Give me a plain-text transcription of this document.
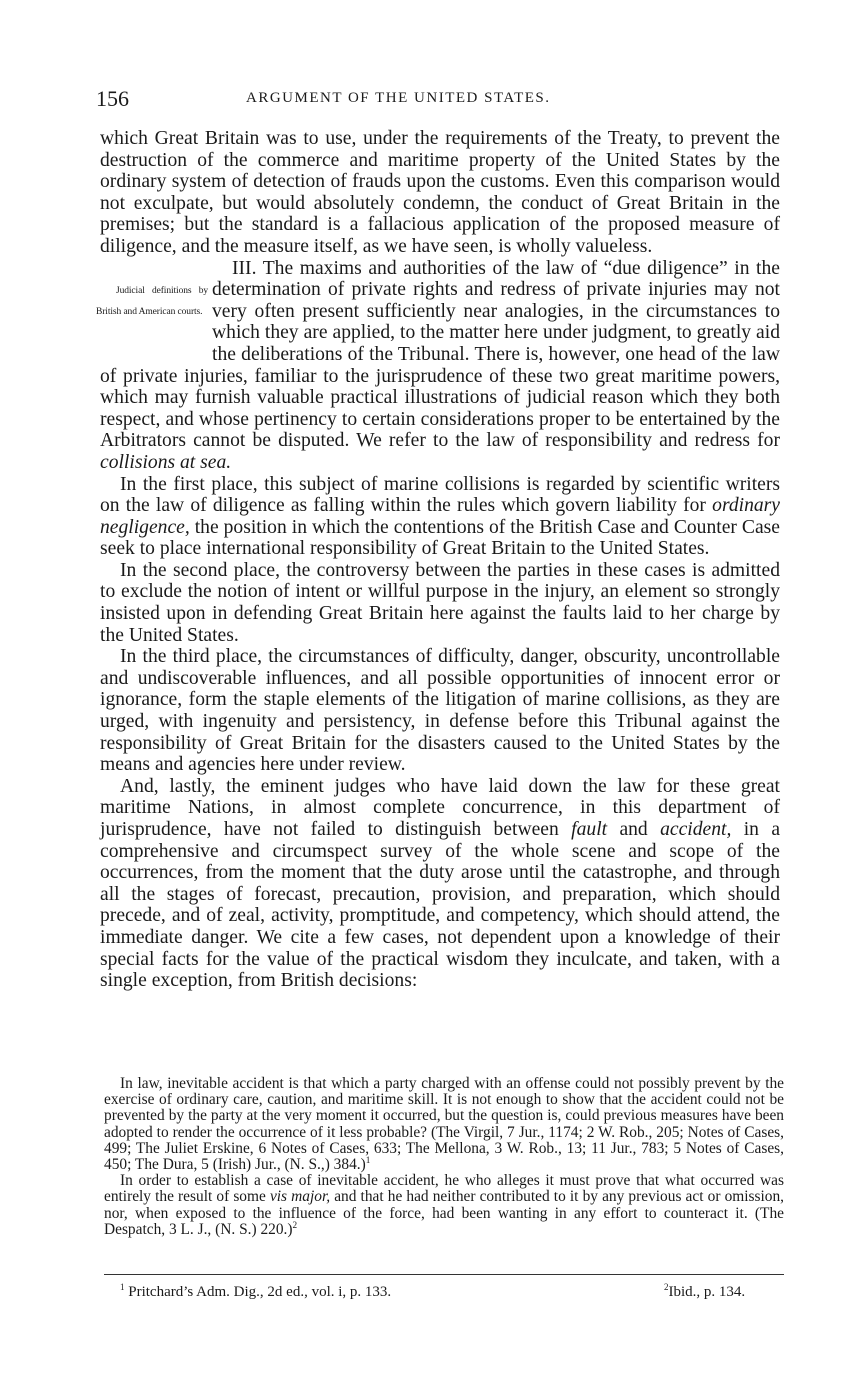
156	ARGUMENT OF THE UNITED STATES.

which Great Britain was to use, under the requirements of the Treaty, to prevent the destruction of the commerce and maritime property of the United States by the ordinary system of detection of frauds upon the customs. Even this comparison would not exculpate, but would absolutely condemn, the conduct of Great Britain in the premises; but the standard is a fallacious application of the proposed measure of diligence, and the measure itself, as we have seen, is wholly valueless.

Judicial definitions by British and American courts.
III. The maxims and authorities of the law of “due diligence” in the determination of private rights and redress of private injuries may not very often present sufficiently near analogies, in the circumstances to which they are applied, to the matter here under judgment, to greatly aid the deliberations of the Tribunal. There is, however, one head of the law of private injuries, familiar to the jurisprudence of these two great maritime powers, which may furnish valuable practical illustrations of judicial reason which they both respect, and whose pertinency to certain considerations proper to be entertained by the Arbitrators cannot be disputed. We refer to the law of responsibility and redress for collisions at sea.

In the first place, this subject of marine collisions is regarded by scientific writers on the law of diligence as falling within the rules which govern liability for ordinary negligence, the position in which the contentions of the British Case and Counter Case seek to place international responsibility of Great Britain to the United States.

In the second place, the controversy between the parties in these cases is admitted to exclude the notion of intent or willful purpose in the injury, an element so strongly insisted upon in defending Great Britain here against the faults laid to her charge by the United States.

In the third place, the circumstances of difficulty, danger, obscurity, uncontrollable and undiscoverable influences, and all possible opportunities of innocent error or ignorance, form the staple elements of the litigation of marine collisions, as they are urged, with ingenuity and persistency, in defense before this Tribunal against the responsibility of Great Britain for the disasters caused to the United States by the means and agencies here under review.

And, lastly, the eminent judges who have laid down the law for these great maritime Nations, in almost complete concurrence, in this department of jurisprudence, have not failed to distinguish between fault and accident, in a comprehensive and circumspect survey of the whole scene and scope of the occurrences, from the moment that the duty arose until the catastrophe, and through all the stages of forecast, precaution, provision, and preparation, which should precede, and of zeal, activity, promptitude, and competency, which should attend, the immediate danger. We cite a few cases, not dependent upon a knowledge of their special facts for the value of the practical wisdom they inculcate, and taken, with a single exception, from British decisions:

In law, inevitable accident is that which a party charged with an offense could not possibly prevent by the exercise of ordinary care, caution, and maritime skill. It is not enough to show that the accident could not be prevented by the party at the very moment it occurred, but the question is, could previous measures have been adopted to render the occurrence of it less probable? (The Virgil, 7 Jur., 1174; 2 W. Rob., 205; Notes of Cases, 499; The Juliet Erskine, 6 Notes of Cases, 633; The Mellona, 3 W. Rob., 13; 11 Jur., 783; 5 Notes of Cases, 450; The Dura, 5 (Irish) Jur., (N. S.,) 384.)$^1$

In order to establish a case of inevitable accident, he who alleges it must prove that what occurred was entirely the result of some vis major, and that he had neither contributed to it by any previous act or omission, nor, when exposed to the influence of the force, had been wanting in any effort to counteract it. (The Despatch, 3 L. J., (N. S.) 220.)$^2$

$^1$ Pritchard’s Adm. Dig., 2d ed., vol. i, p. 133.	$^2$Ibid., p. 134.
